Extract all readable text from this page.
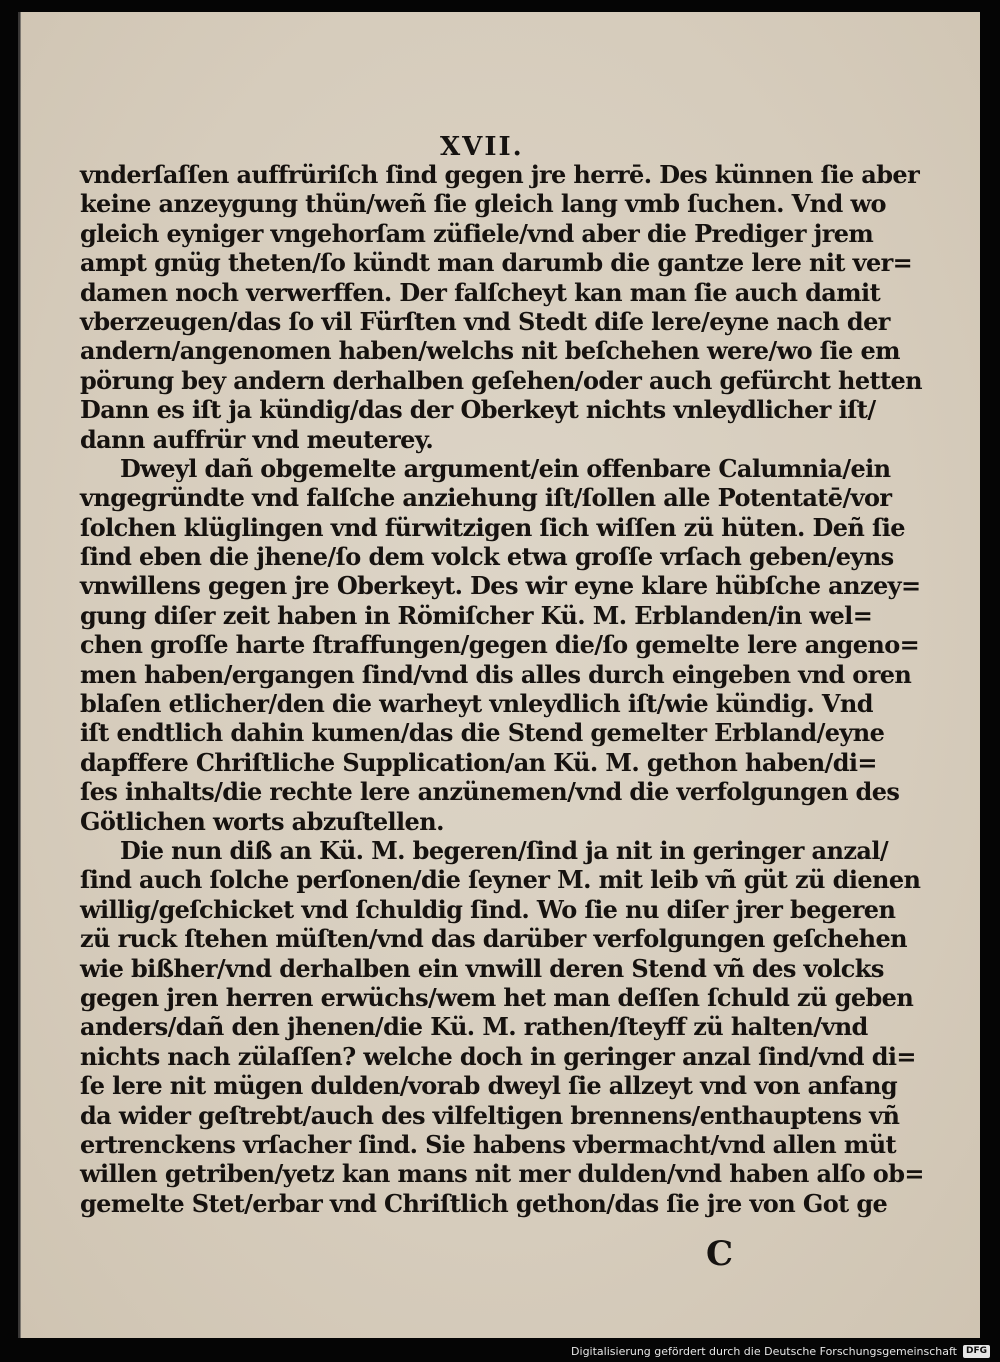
XVII.
vnderſaſſen auffrüriſch ſind gegen jre herrē. Des künnen ſie aber
keine anzeygung thün/weñ ſie gleich lang vmb ſuchen. Vnd wo
gleich eyniger vngehorſam züfiele/vnd aber die Prediger jrem
ampt gnüg theten/ſo kündt man darumb die gantze lere nit ver=
damen noch verwerffen. Der falſcheyt kan man ſie auch damit
vberzeugen/das ſo vil Fürſten vnd Stedt diſe lere/eyne nach der
andern/angenomen haben/welchs nit beſchehen were/wo ſie em
pörung bey andern derhalben geſehen/oder auch gefürcht hetten
Dann es iſt ja kündig/das der Oberkeyt nichts vnleydlicher iſt/
dann auffrür vnd meuterey.
Dweyl dañ obgemelte argument/ein offenbare Calumnia/ein
vngegründte vnd falſche anziehung iſt/ſollen alle Potentatē/vor
ſolchen klüglingen vnd fürwitzigen ſich wiſſen zü hüten. Deñ ſie
ſind eben die jhene/ſo dem volck etwa groſſe vrſach geben/eyns
vnwillens gegen jre Oberkeyt. Des wir eyne klare hübſche anzey=
gung diſer zeit haben in Römiſcher Kü. M. Erblanden/in wel=
chen groſſe harte ſtraffungen/gegen die/ſo gemelte lere angeno=
men haben/ergangen ſind/vnd dis alles durch eingeben vnd oren
blaſen etlicher/den die warheyt vnleydlich iſt/wie kündig. Vnd
iſt endtlich dahin kumen/das die Stend gemelter Erbland/eyne
dapffere Chriſtliche Supplication/an Kü. M. gethon haben/di=
ſes inhalts/die rechte lere anzünemen/vnd die verfolgungen des
Götlichen worts abzuſtellen.
Die nun diß an Kü. M. begeren/ſind ja nit in geringer anzal/
ſind auch ſolche perſonen/die ſeyner M. mit leib vñ güt zü dienen
willig/geſchicket vnd ſchuldig ſind. Wo ſie nu diſer jrer begeren
zü ruck ſtehen müſten/vnd das darüber verfolgungen geſchehen
wie bißher/vnd derhalben ein vnwill deren Stend vñ des volcks
gegen jren herren erwüchs/wem het man deſſen ſchuld zü geben
anders/dañ den jhenen/die Kü. M. rathen/ſteyff zü halten/vnd
nichts nach zülaſſen? welche doch in geringer anzal ſind/vnd di=
ſe lere nit mügen dulden/vorab dweyl ſie allzeyt vnd von anfang
da wider geſtrebt/auch des vilfeltigen brennens/enthauptens vñ
ertrenckens vrſacher ſind. Sie habens vbermacht/vnd allen müt
willen getriben/yetz kan mans nit mer dulden/vnd haben alſo ob=
gemelte Stet/erbar vnd Chriſtlich gethon/das ſie jre von Got ge
C
Digitalisierung gefördert durch die Deutsche Forschungsgemeinschaft	DFG
